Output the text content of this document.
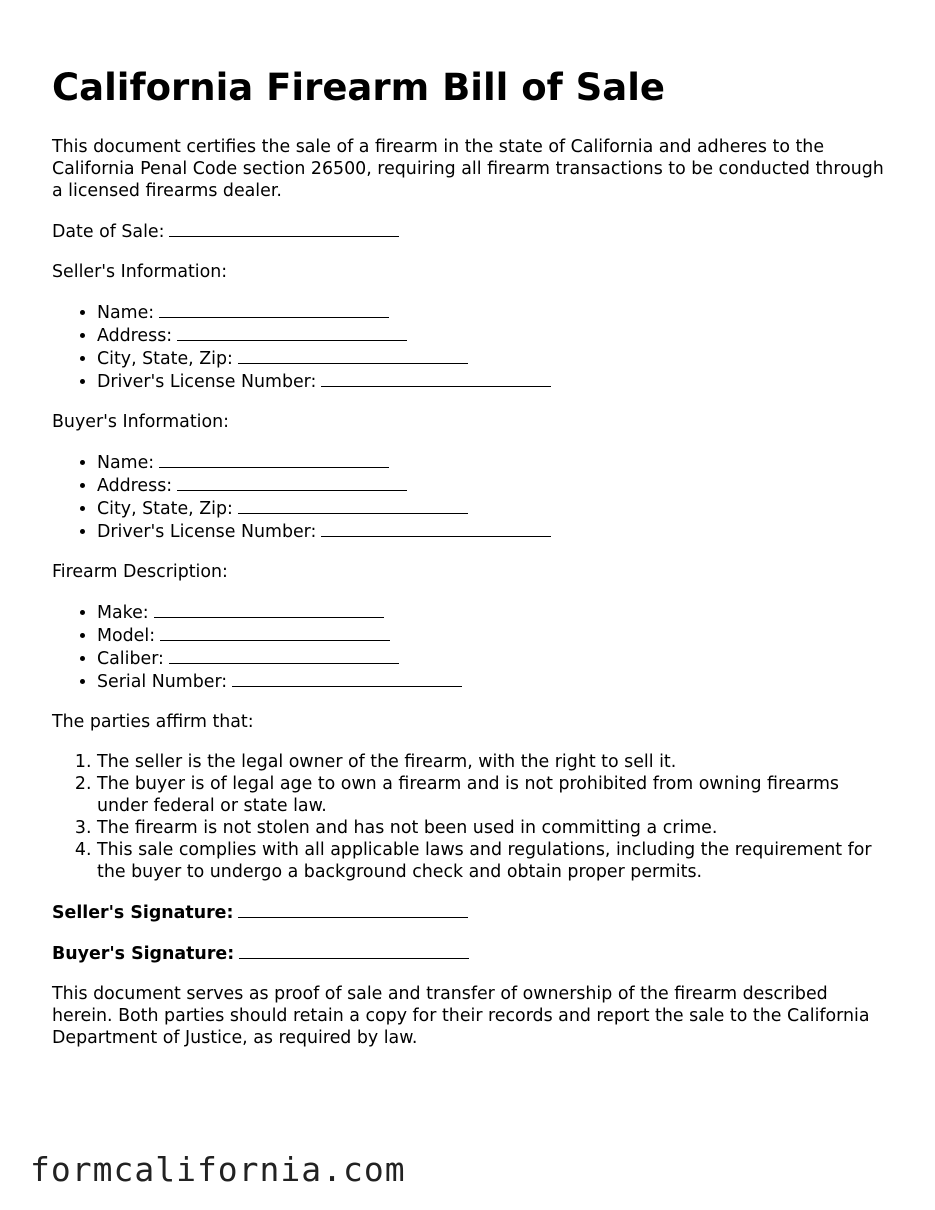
California Firearm Bill of Sale

This document certifies the sale of a firearm in the state of California and adheres to the California Penal Code section 26500, requiring all firearm transactions to be conducted through a licensed firearms dealer.

Date of Sale:

Seller's Information:

• Name:
• Address:
• City, State, Zip:
• Driver's License Number:

Buyer's Information:

• Name:
• Address:
• City, State, Zip:
• Driver's License Number:

Firearm Description:

• Make:
• Model:
• Caliber:
• Serial Number:

The parties affirm that:

1. The seller is the legal owner of the firearm, with the right to sell it.
2. The buyer is of legal age to own a firearm and is not prohibited from owning firearms under federal or state law.
3. The firearm is not stolen and has not been used in committing a crime.
4. This sale complies with all applicable laws and regulations, including the requirement for the buyer to undergo a background check and obtain proper permits.

Seller's Signature:

Buyer's Signature:

This document serves as proof of sale and transfer of ownership of the firearm described herein. Both parties should retain a copy for their records and report the sale to the California Department of Justice, as required by law.

formcalifornia.com
